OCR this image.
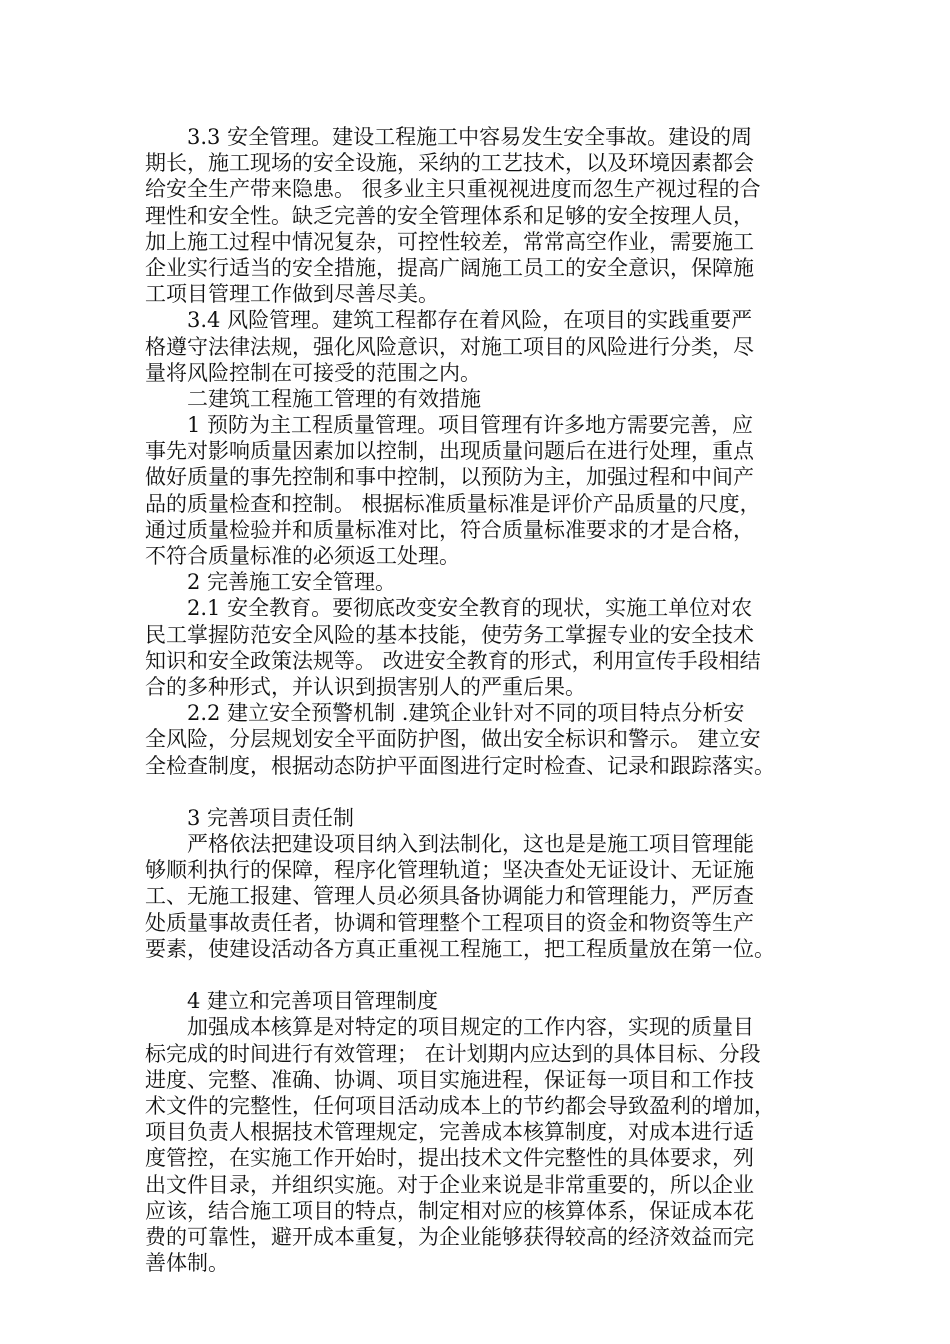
　　3.3 安全管理。建设工程施工中容易发生安全事故。建设的周
期长，施工现场的安全设施，采纳的工艺技术，以及环境因素都会
给安全生产带来隐患。 很多业主只重视视进度而忽生产视过程的合
理性和安全性。缺乏完善的安全管理体系和足够的安全按理人员，
加上施工过程中情况复杂，可控性较差，常常高空作业，需要施工
企业实行适当的安全措施，提高广阔施工员工的安全意识，保障施
工项目管理工作做到尽善尽美。
　　3.4 风险管理。建筑工程都存在着风险，在项目的实践重要严
格遵守法律法规，强化风险意识，对施工项目的风险进行分类，尽
量将风险控制在可接受的范围之内。
　　二建筑工程施工管理的有效措施
　　1 预防为主工程质量管理。项目管理有许多地方需要完善，应
事先对影响质量因素加以控制，出现质量问题后在进行处理，重点
做好质量的事先控制和事中控制，以预防为主，加强过程和中间产
品的质量检查和控制。 根据标准质量标准是评价产品质量的尺度，
通过质量检验并和质量标准对比，符合质量标准要求的才是合格，
不符合质量标准的必须返工处理。
　　2 完善施工安全管理。
　　2.1 安全教育。要彻底改变安全教育的现状，实施工单位对农
民工掌握防范安全风险的基本技能，使劳务工掌握专业的安全技术
知识和安全政策法规等。 改进安全教育的形式，利用宣传手段相结
合的多种形式，并认识到损害别人的严重后果。
　　2.2 建立安全预警机制 .建筑企业针对不同的项目特点分析安
全风险，分层规划安全平面防护图，做出安全标识和警示。 建立安
全检查制度，根据动态防护平面图进行定时检查、记录和跟踪落实。
　　3 完善项目责任制
　　严格依法把建设项目纳入到法制化，这也是是施工项目管理能
够顺利执行的保障，程序化管理轨道；坚决查处无证设计、无证施
工、无施工报建、管理人员必须具备协调能力和管理能力，严厉查
处质量事故责任者，协调和管理整个工程项目的资金和物资等生产
要素，使建设活动各方真正重视工程施工，把工程质量放在第一位。
　　4 建立和完善项目管理制度
　　加强成本核算是对特定的项目规定的工作内容，实现的质量目
标完成的时间进行有效管理； 在计划期内应达到的具体目标、分段
进度、完整、准确、协调、项目实施进程，保证每一项目和工作技
术文件的完整性，任何项目活动成本上的节约都会导致盈利的增加，
项目负责人根据技术管理规定，完善成本核算制度，对成本进行适
度管控，在实施工作开始时，提出技术文件完整性的具体要求，列
出文件目录，并组织实施。对于企业来说是非常重要的，所以企业
应该，结合施工项目的特点，制定相对应的核算体系，保证成本花
费的可靠性，避开成本重复，为企业能够获得较高的经济效益而完
善体制。
